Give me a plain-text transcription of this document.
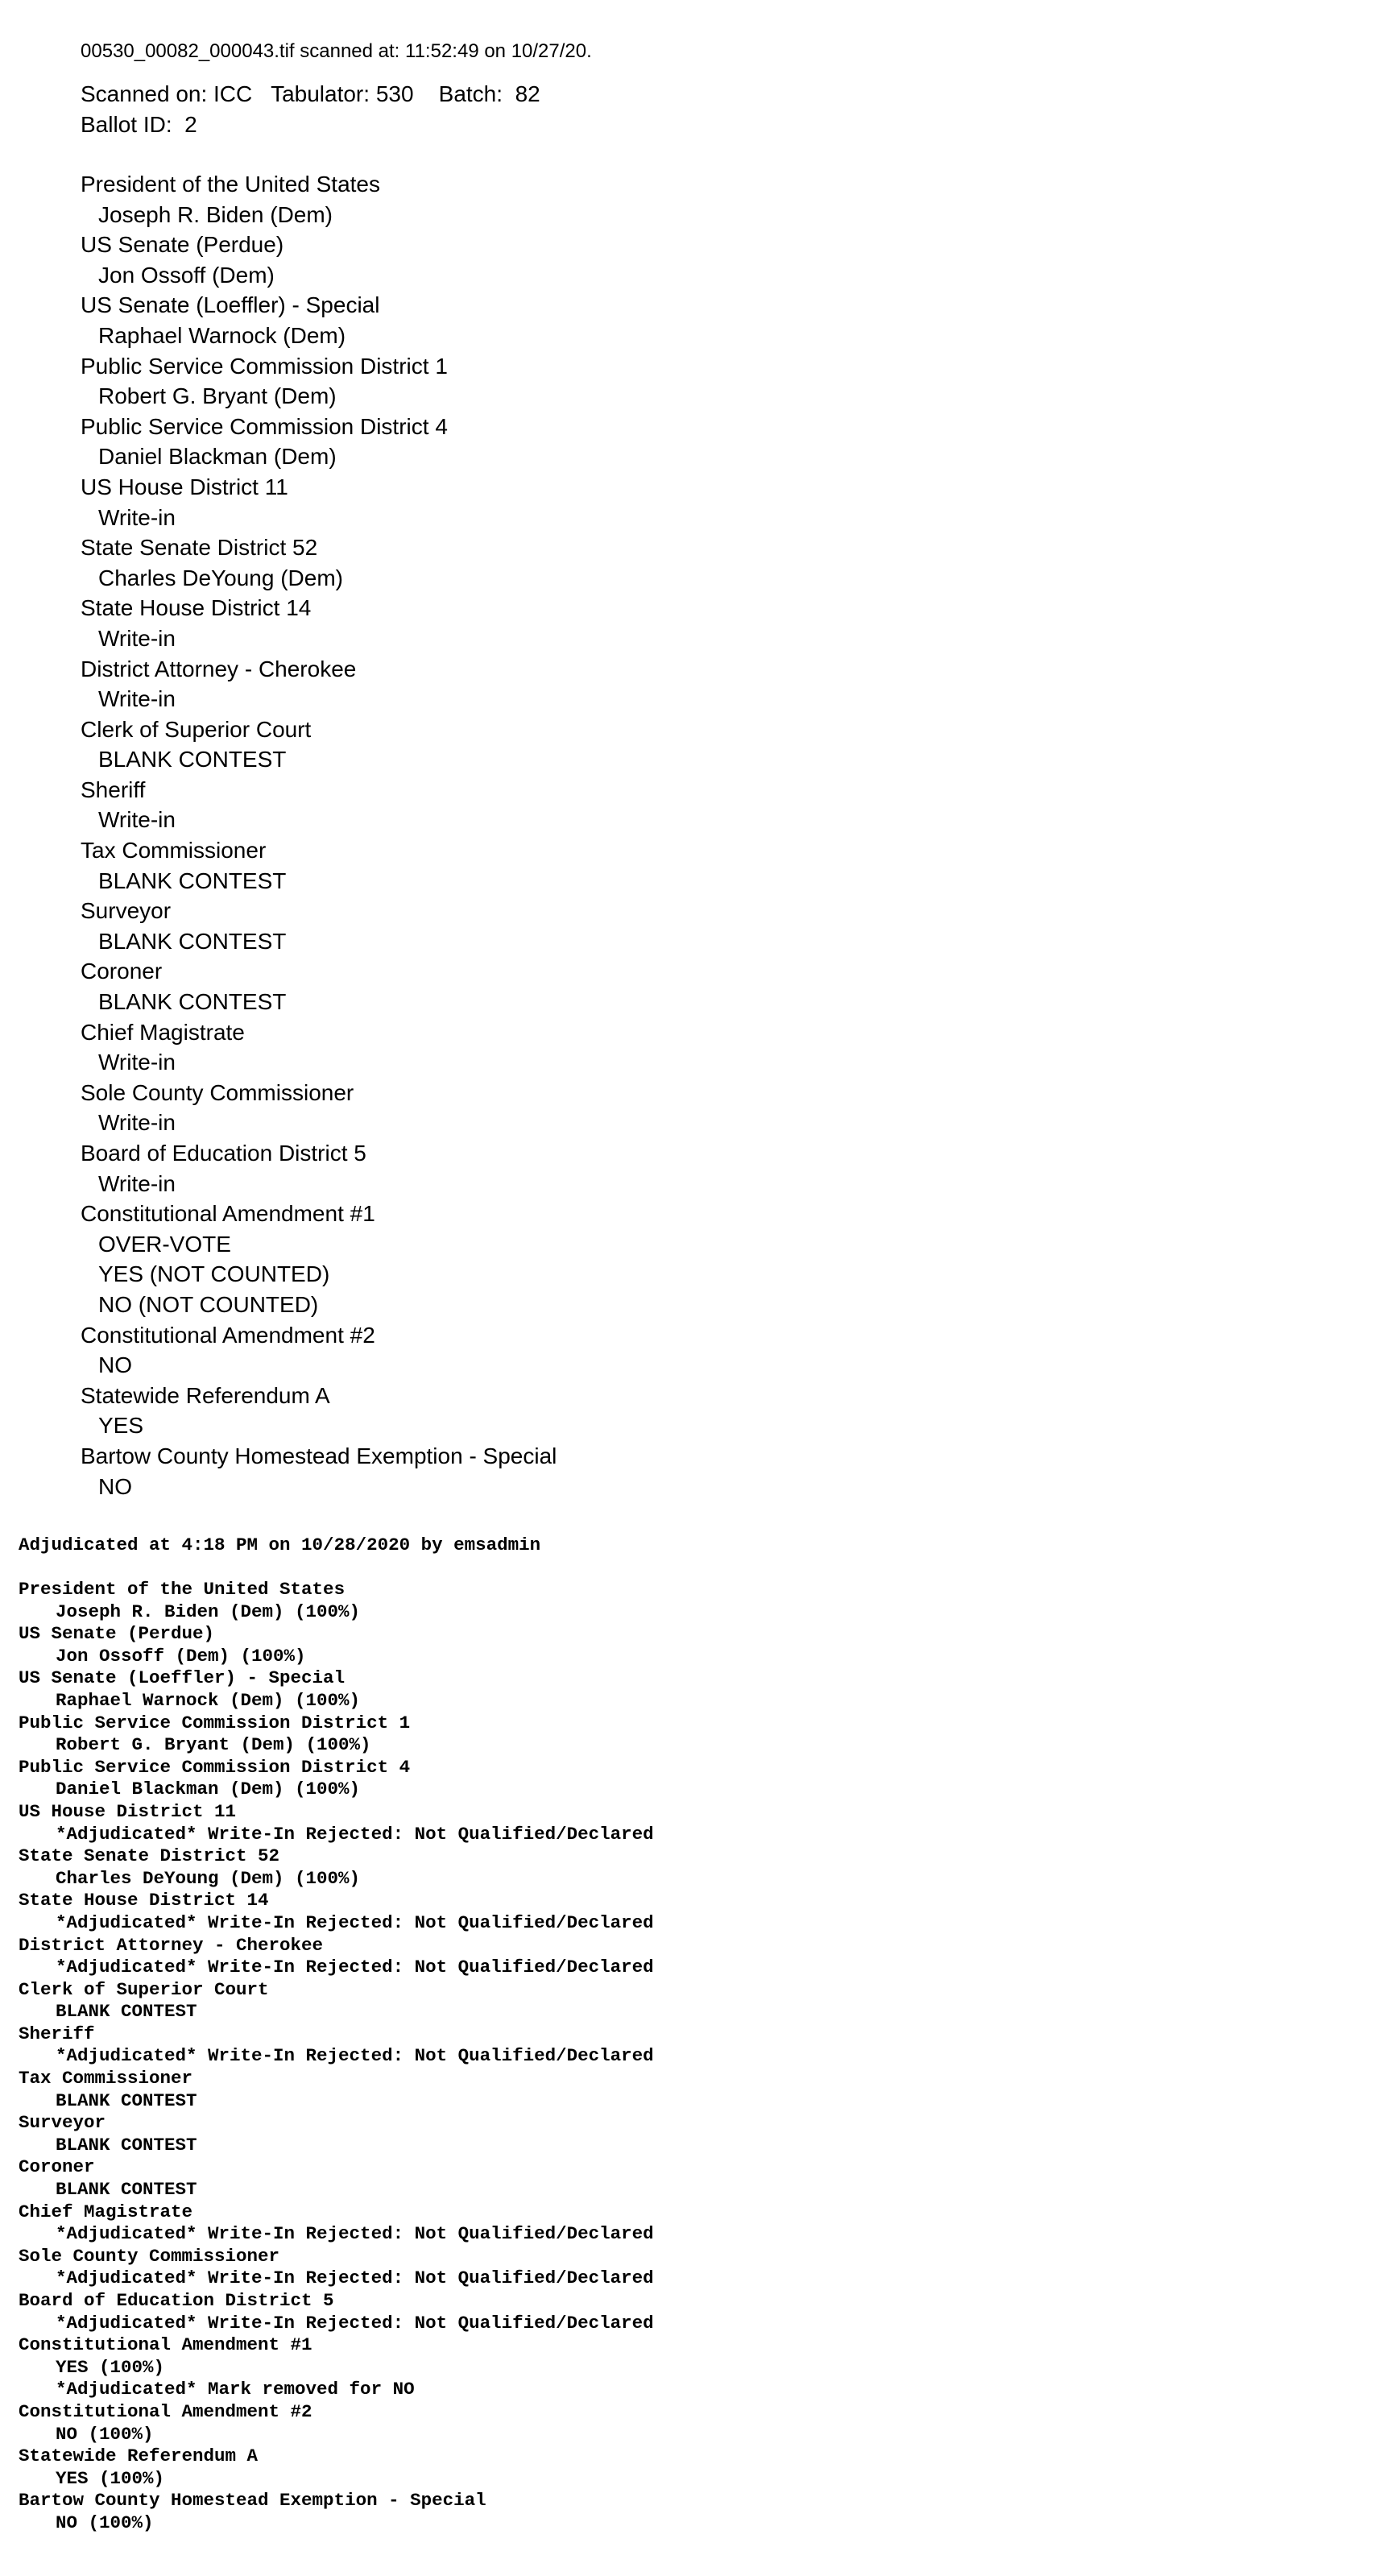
00530_00082_000043.tif scanned at: 11:52:49 on 10/27/20.
Scanned on: ICC   Tabulator: 530    Batch:  82
Ballot ID:  2
President of the United States
Joseph R. Biden (Dem)
US Senate (Perdue)
Jon Ossoff (Dem)
US Senate (Loeffler) - Special
Raphael Warnock (Dem)
Public Service Commission District 1
Robert G. Bryant (Dem)
Public Service Commission District 4
Daniel Blackman (Dem)
US House District 11
Write-in
State Senate District 52
Charles DeYoung (Dem)
State House District 14
Write-in
District Attorney - Cherokee
Write-in
Clerk of Superior Court
BLANK CONTEST
Sheriff
Write-in
Tax Commissioner
BLANK CONTEST
Surveyor
BLANK CONTEST
Coroner
BLANK CONTEST
Chief Magistrate
Write-in
Sole County Commissioner
Write-in
Board of Education District 5
Write-in
Constitutional Amendment #1
OVER-VOTE
YES (NOT COUNTED)
NO (NOT COUNTED)
Constitutional Amendment #2
NO
Statewide Referendum A
YES
Bartow County Homestead Exemption - Special
NO
Adjudicated at 4:18 PM on 10/28/2020 by emsadmin
President of the United States
Joseph R. Biden (Dem) (100%)
US Senate (Perdue)
Jon Ossoff (Dem) (100%)
US Senate (Loeffler) - Special
Raphael Warnock (Dem) (100%)
Public Service Commission District 1
Robert G. Bryant (Dem) (100%)
Public Service Commission District 4
Daniel Blackman (Dem) (100%)
US House District 11
*Adjudicated* Write-In Rejected: Not Qualified/Declared
State Senate District 52
Charles DeYoung (Dem) (100%)
State House District 14
*Adjudicated* Write-In Rejected: Not Qualified/Declared
District Attorney - Cherokee
*Adjudicated* Write-In Rejected: Not Qualified/Declared
Clerk of Superior Court
BLANK CONTEST
Sheriff
*Adjudicated* Write-In Rejected: Not Qualified/Declared
Tax Commissioner
BLANK CONTEST
Surveyor
BLANK CONTEST
Coroner
BLANK CONTEST
Chief Magistrate
*Adjudicated* Write-In Rejected: Not Qualified/Declared
Sole County Commissioner
*Adjudicated* Write-In Rejected: Not Qualified/Declared
Board of Education District 5
*Adjudicated* Write-In Rejected: Not Qualified/Declared
Constitutional Amendment #1
YES (100%)
*Adjudicated* Mark removed for NO
Constitutional Amendment #2
NO (100%)
Statewide Referendum A
YES (100%)
Bartow County Homestead Exemption - Special
NO (100%)
